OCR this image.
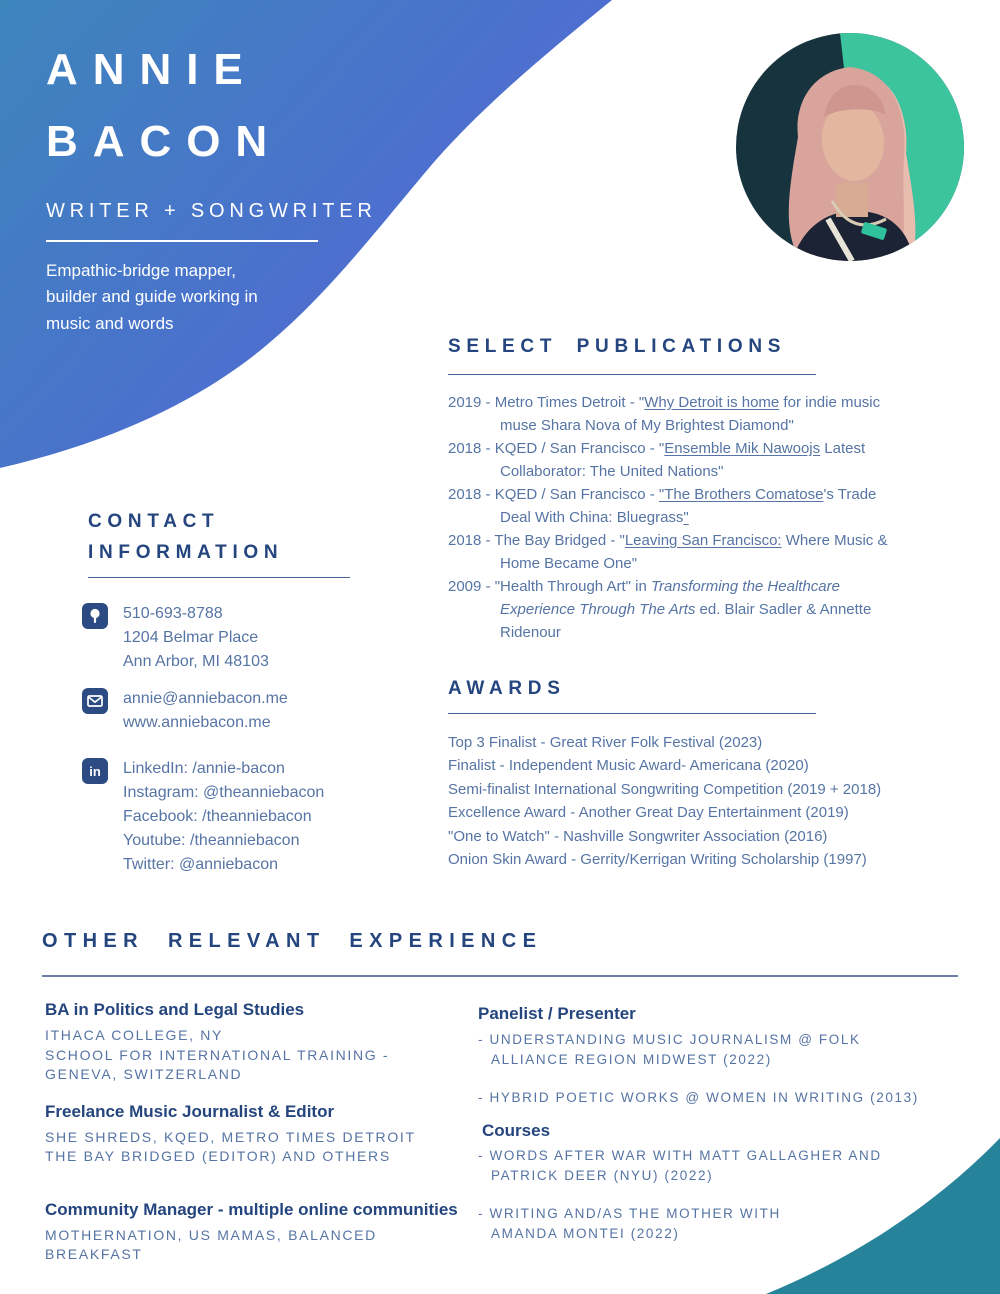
ANNIE
BACON
WRITER + SONGWRITER

Empathic-bridge mapper, builder and guide working in music and words

CONTACT
INFORMATION
510-693-8788
1204 Belmar Place
Ann Arbor, MI 48103
annie@anniebacon.me
www.anniebacon.me
in LinkedIn: /annie-bacon
Instagram: @theanniebacon
Facebook: /theanniebacon
Youtube: /theanniebacon
Twitter: @anniebacon
SELECT PUBLICATIONS
2019 - Metro Times Detroit - "Why Detroit is home for indie music muse Shara Nova of My Brightest Diamond"
2018 - KQED / San Francisco - "Ensemble Mik Nawoojs Latest Collaborator: The United Nations"
2018 - KQED / San Francisco - "The Brothers Comatose's Trade Deal With China: Bluegrass"
2018 - The Bay Bridged - "Leaving San Francisco: Where Music & Home Became One"
2009 - "Health Through Art" in Transforming the Healthcare Experience Through The Arts ed. Blair Sadler & Annette Ridenour
AWARDS
Top 3 Finalist - Great River Folk Festival (2023)
Finalist - Independent Music Award- Americana (2020)
Semi-finalist International Songwriting Competition (2019 + 2018)
Excellence Award - Another Great Day Entertainment (2019)
"One to Watch" - Nashville Songwriter Association (2016)
Onion Skin Award - Gerrity/Kerrigan Writing Scholarship (1997)
OTHER RELEVANT EXPERIENCE
BA in Politics and Legal Studies
ITHACA COLLEGE, NY
SCHOOL FOR INTERNATIONAL TRAINING -
GENEVA, SWITZERLAND
Freelance Music Journalist & Editor
SHE SHREDS, KQED, METRO TIMES DETROIT
THE BAY BRIDGED (EDITOR) AND OTHERS
Community Manager - multiple online communities
MOTHERNATION, US MAMAS, BALANCED BREAKFAST
Panelist / Presenter
- UNDERSTANDING MUSIC JOURNALISM @ FOLK
ALLIANCE REGION MIDWEST (2022)
- HYBRID POETIC WORKS @ WOMEN IN WRITING (2013)
Courses
- WORDS AFTER WAR WITH MATT GALLAGHER AND
PATRICK DEER (NYU) (2022)
- WRITING AND/AS THE MOTHER WITH
AMANDA MONTEI (2022)
